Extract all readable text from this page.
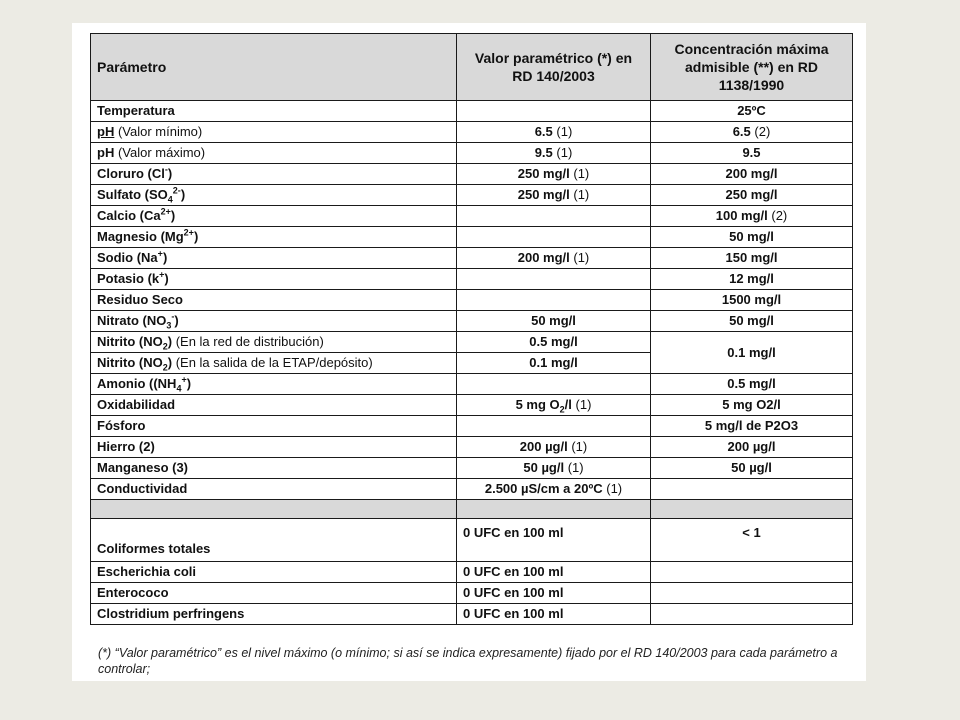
Parámetro	Valor paramétrico (*) en RD 140/2003	Concentración máxima admisible (**) en RD 1138/1990
Temperatura		25ºC
pH (Valor mínimo)	6.5 (1)	6.5 (2)
pH (Valor máximo)	9.5 (1)	9.5
Cloruro (Cl-)	250 mg/l (1)	200 mg/l
Sulfato $(SO_4^{2-})$	250 mg/l (1)	250 mg/l
Calcio $(Ca^{2+})$		100 mg/l (2)
Magnesio $(Mg^{2+})$		50 mg/l
Sodio (Na+)	200 mg/l (1)	150 mg/l
Potasio (k+)		12 mg/l
Residuo Seco		1500 mg/l
Nitrato $(NO_3^-)$	50 mg/l	50 mg/l
Nitrito $(NO_2)$ (En la red de distribución)	0.5 mg/l	0.1 mg/l
Nitrito $(NO_2)$ (En la salida de la ETAP/depósito)	0.1 mg/l	
Amonio ($(NH_4^+)$		0.5 mg/l
Oxidabilidad	5 mg $O_2/l$ (1)	5 mg O2/l
Fósforo		5 mg/l de P2O3
Hierro (2)	200 µg/l (1)	200 µg/l
Manganeso (3)	50 µg/l (1)	50 µg/l
Conductividad	2.500 µS/cm a 20ºC (1)	

Coliformes totales	0 UFC en 100 ml	< 1
Escherichia coli	0 UFC en 100 ml	
Enterococo	0 UFC en 100 ml	
Clostridium perfringens	0 UFC en 100 ml	
(*) “Valor paramétrico” es el nivel máximo (o mínimo; si así se indica expresamente) fijado por el RD 140/2003 para cada parámetro a controlar;
